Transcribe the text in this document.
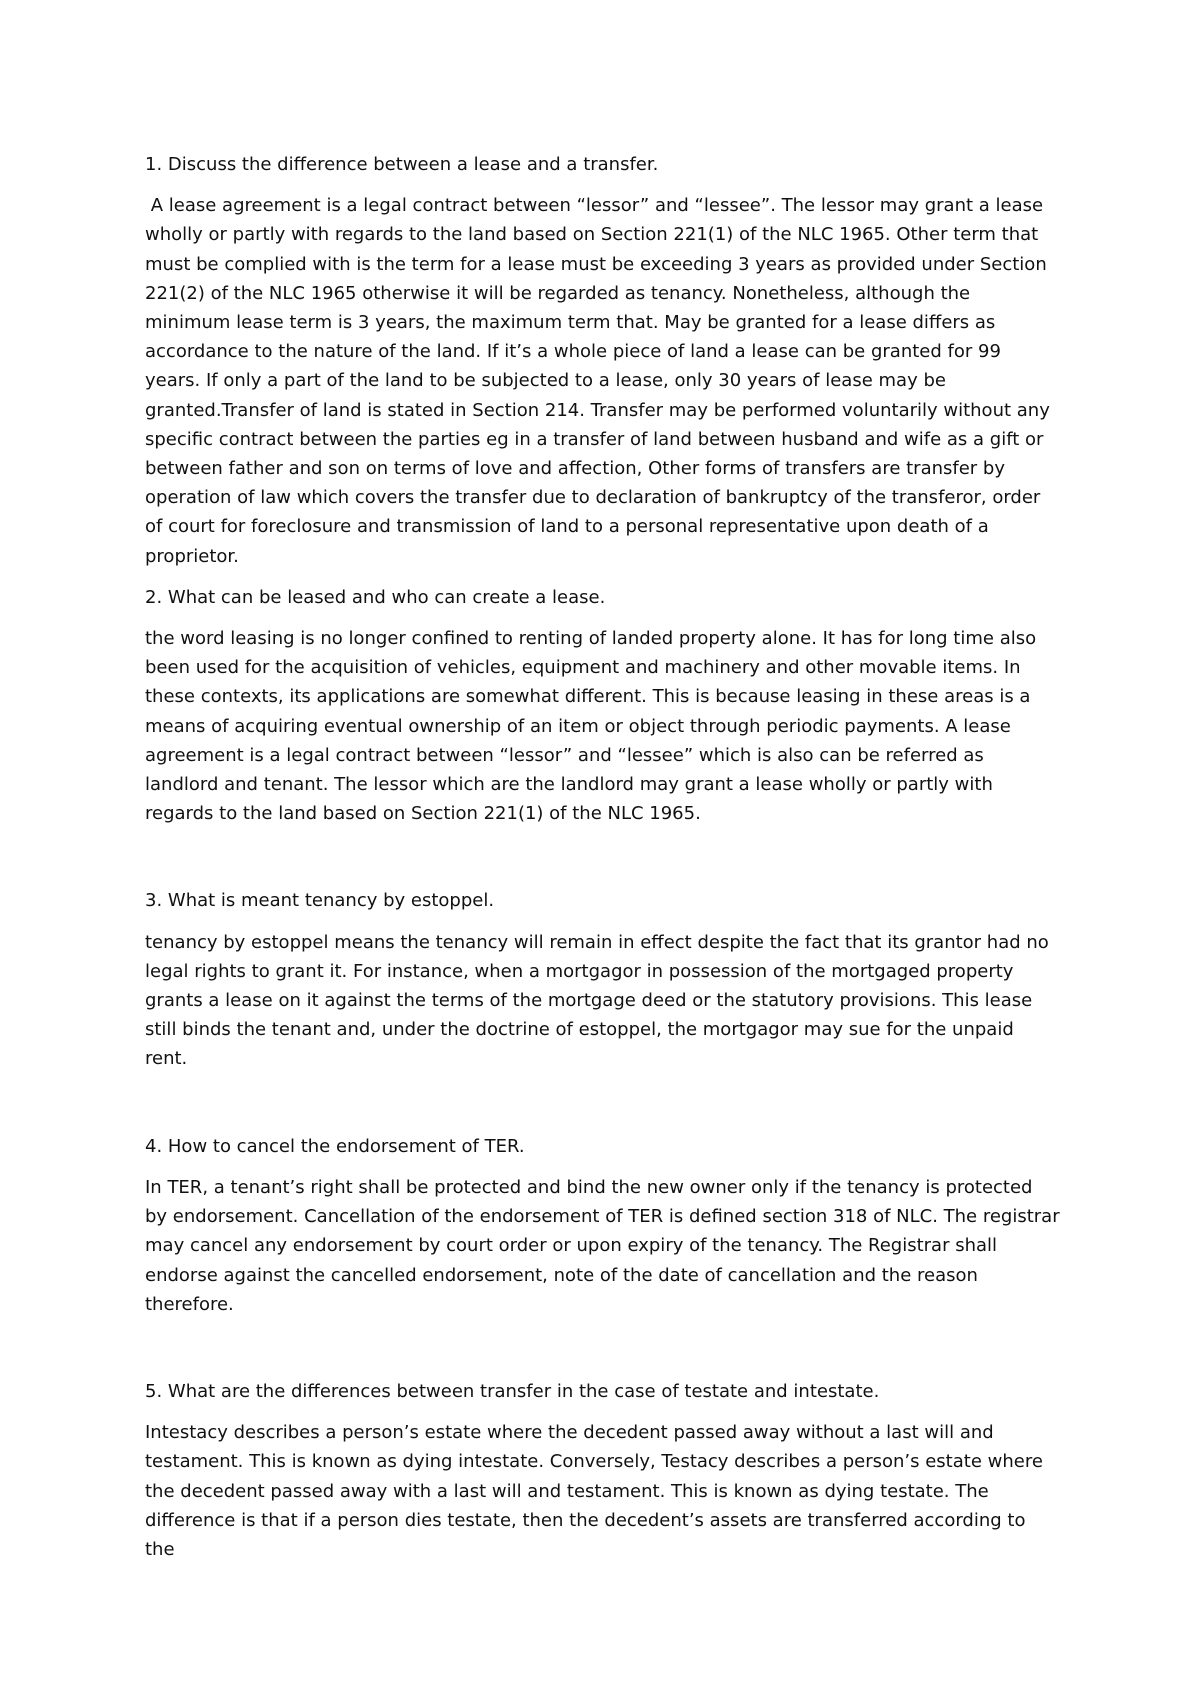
1. Discuss the difference between a lease and a transfer.

A lease agreement is a legal contract between “lessor” and “lessee”. The lessor may grant a lease wholly or partly with regards to the land based on Section 221(1) of the NLC 1965. Other term that must be complied with is the term for a lease must be exceeding 3 years as provided under Section 221(2) of the NLC 1965 otherwise it will be regarded as tenancy. Nonetheless, although the minimum lease term is 3 years, the maximum term that. May be granted for a lease differs as accordance to the nature of the land. If it’s a whole piece of land a lease can be granted for 99 years. If only a part of the land to be subjected to a lease, only 30 years of lease may be granted.Transfer of land is stated in Section 214. Transfer may be performed voluntarily without any specific contract between the parties eg in a transfer of land between husband and wife as a gift or between father and son on terms of love and affection, Other forms of transfers are transfer by operation of law which covers the transfer due to declaration of bankruptcy of the transferor, order of court for foreclosure and transmission of land to a personal representative upon death of a proprietor.

2. What can be leased and who can create a lease.

the word leasing is no longer confined to renting of landed property alone. It has for long time also been used for the acquisition of vehicles, equipment and machinery and other movable items. In these contexts, its applications are somewhat different. This is because leasing in these areas is a means of acquiring eventual ownership of an item or object through periodic payments. A lease agreement is a legal contract between “lessor” and “lessee” which is also can be referred as landlord and tenant. The lessor which are the landlord may grant a lease wholly or partly with regards to the land based on Section 221(1) of the NLC 1965.

3. What is meant tenancy by estoppel.

tenancy by estoppel means the tenancy will remain in effect despite the fact that its grantor had no legal rights to grant it. For instance, when a mortgagor in possession of the mortgaged property grants a lease on it against the terms of the mortgage deed or the statutory provisions. This lease still binds the tenant and, under the doctrine of estoppel, the mortgagor may sue for the unpaid rent.

4. How to cancel the endorsement of TER.

In TER, a tenant’s right shall be protected and bind the new owner only if the tenancy is protected by endorsement. Cancellation of the endorsement of TER is defined section 318 of NLC. The registrar may cancel any endorsement by court order or upon expiry of the tenancy. The Registrar shall endorse against the cancelled endorsement, note of the date of cancellation and the reason therefore.

5. What are the differences between transfer in the case of testate and intestate.

Intestacy describes a person’s estate where the decedent passed away without a last will and testament. This is known as dying intestate. Conversely, Testacy describes a person’s estate where the decedent passed away with a last will and testament. This is known as dying testate. The difference is that if a person dies testate, then the decedent’s assets are transferred according to the
